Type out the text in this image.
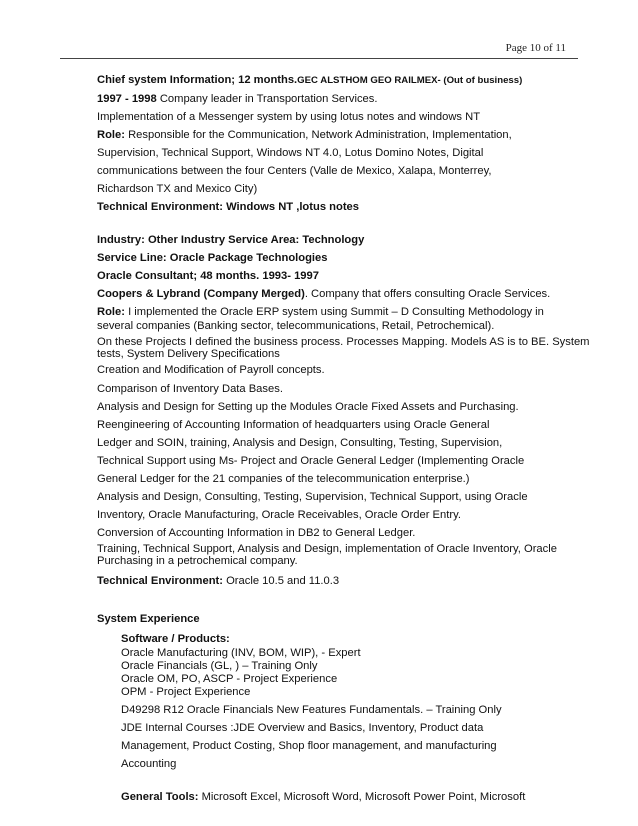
Page 10 of 11
Chief system Information; 12 months.GEC ALSTHOM GEO RAILMEX- (Out of business)
1997 - 1998 Company leader in Transportation Services.
Implementation of a Messenger system by using lotus notes and windows NT
Role: Responsible for the Communication, Network Administration, Implementation,
Supervision, Technical Support, Windows NT 4.0, Lotus Domino Notes, Digital
communications between the four Centers (Valle de Mexico, Xalapa, Monterrey,
Richardson TX and Mexico City)
Technical Environment: Windows NT ,lotus notes
Industry: Other Industry Service Area: Technology
Service Line: Oracle Package Technologies
Oracle Consultant; 48 months. 1993- 1997
Coopers & Lybrand (Company Merged). Company that offers consulting Oracle Services.
Role: I implemented the Oracle ERP system using Summit – D Consulting Methodology in
several companies (Banking sector, telecommunications, Retail, Petrochemical).
On these Projects I defined the business process. Processes Mapping. Models AS is to BE. System tests, System Delivery Specifications
Creation and Modification of Payroll concepts.
Comparison of Inventory Data Bases.
Analysis and Design for Setting up the Modules Oracle Fixed Assets and Purchasing.
Reengineering of Accounting Information of headquarters using Oracle General
Ledger and SOIN, training, Analysis and Design, Consulting, Testing, Supervision,
Technical Support using Ms- Project and Oracle General Ledger (Implementing Oracle
General Ledger for the 21 companies of the telecommunication enterprise.)
Analysis and Design, Consulting, Testing, Supervision, Technical Support, using Oracle
Inventory, Oracle Manufacturing, Oracle Receivables, Oracle Order Entry.
Conversion of Accounting Information in DB2 to General Ledger.
Training, Technical Support, Analysis and Design, implementation of Oracle Inventory, Oracle Purchasing in a petrochemical company.
Technical Environment: Oracle 10.5 and 11.0.3
System Experience
Software / Products:
Oracle Manufacturing (INV, BOM, WIP), - Expert
Oracle Financials (GL, ) – Training Only
Oracle OM, PO, ASCP - Project Experience
OPM - Project Experience
D49298 R12 Oracle Financials New Features Fundamentals. – Training Only
JDE Internal Courses :JDE Overview and Basics, Inventory, Product data
Management, Product Costing, Shop floor management, and manufacturing
Accounting
General Tools: Microsoft Excel, Microsoft Word, Microsoft Power Point, Microsoft
